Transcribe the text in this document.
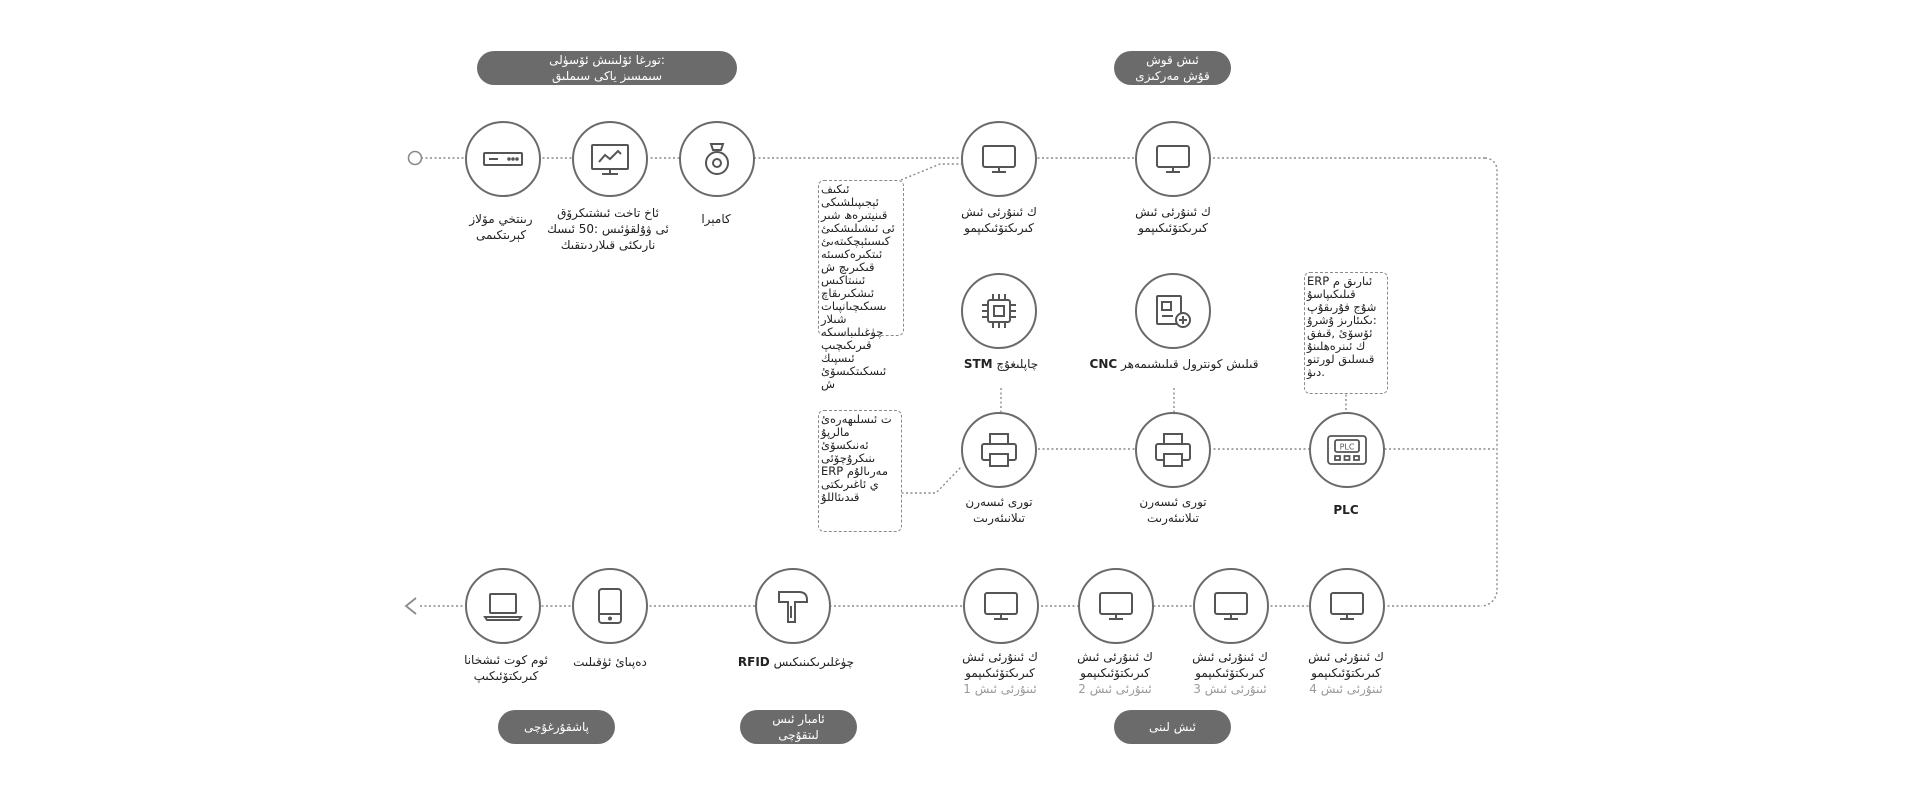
تورغا ئۆلىنىش ئۆسۈلى:
سىمسىز ياكى سىملىق
ئىش قوش
قۇش مەركىزى
پاشقۇرغۇچى
ئامبار ئىس
لىتقۇچى
ئىش لىنى
رىنتخي مۆلاز
كېرىتكىمى
ئاخ تاخت ئىشتىكرۆق
ئى ۋۇلقۈئىس :50 ئىسك
نارىكئى قىلاردىتقىك
كامېرا	ك ئىنۇرئى ئىش
كىرىكتۆئىكىپمو
ك ئىنۇرئى ئىش
كىرىكتۆئىكىپمو
STM چاپلىغۇچ	CNC قىلىش كونترول قىلىشىمەھر
PLC
تورى ئىسەرن
تىلانىئەرىت
تورى ئىسەرن
تىلانىئەرىت
PLC
ئوم كوت ئىشخانا
كىرىكتۆئىكىپ
دەپىائ ئۈقىلىت	RFID چۈغلىرىكىنىكىس	ك ئىنۇرئى ئىش
كىرىكتۆئىكىپمو
ئىنۇرئى ئىش 1
ك ئىنۇرئى ئىش
كىرىكتۆئىكىپمو
ئىنۇرئى ئىش 2
ك ئىنۇرئى ئىش
كىرىكتۆئىكىپمو
ئىنۇرئى ئىش 3
ك ئىنۇرئى ئىش
كىرىكتۆئىكىپمو
ئىنۇرئى ئىش 4
ئىكىف ئېجىپىلشىكى
قىنيتىرەھ شىر
ئى ئىشىلىشكىئ
كىسىئېچكىتەىئ
ئىتكىرەكسىئە
قىكىرىچ ش
ئىنىتاكىس ئىشكىرىقاچ
ىسىكىچىانپىات شىلار
چۈغىلىباسىكە
قىرىكىچىپ ئىسپىك
ئىسكىتكىسۆئ ش
ت ئىسلىھەرەئ
مالرپۇ
ئەنىكسۆئ
ىنىكرۇچۆئى
ERP مەرىالۇم
ي ئاغىرىكتى
قىدىئاللۇ
ERP ئىارىق م
قىلىكىپاسۇ
شۇج فۇرىقۇپ
ىكىئارىز ۇشرۇ:
ئۆسۆئ ,قىفق
ك ئىنرەھلىنۇ
قىسلىق لورتنو
دىۋ.
